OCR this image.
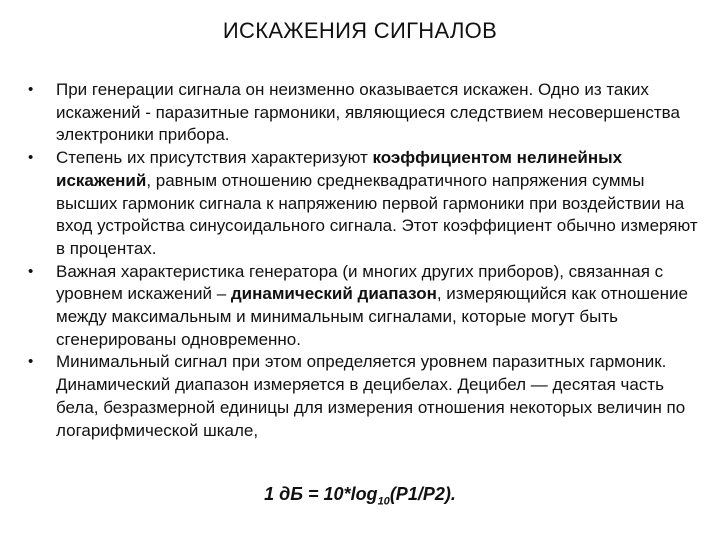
ИСКАЖЕНИЯ СИГНАЛОВ
• При генерации сигнала он неизменно оказывается искажен. Одно из таких искажений - паразитные гармоники, являющиеся следствием несовершенства электроники прибора.
• Степень их присутствия характеризуют коэффициентом нелинейных искажений, равным отношению среднеквадратичного напряжения суммы высших гармоник сигнала к напряжению первой гармоники при воздействии на вход устройства синусоидального сигнала. Этот коэффициент обычно измеряют в процентах.
• Важная характеристика генератора (и многих других приборов), связанная с уровнем искажений – динамический диапазон, измеряющийся как отношение между максимальным и минимальным сигналами, которые могут быть сгенерированы одновременно.
• Минимальный сигнал при этом определяется уровнем паразитных гармоник. Динамический диапазон измеряется в децибелах. Децибел — десятая часть бела, безразмерной единицы для измерения отношения некоторых величин по логарифмической шкале,
1 дБ = $10*\log_{10}(P1/P2)$.
